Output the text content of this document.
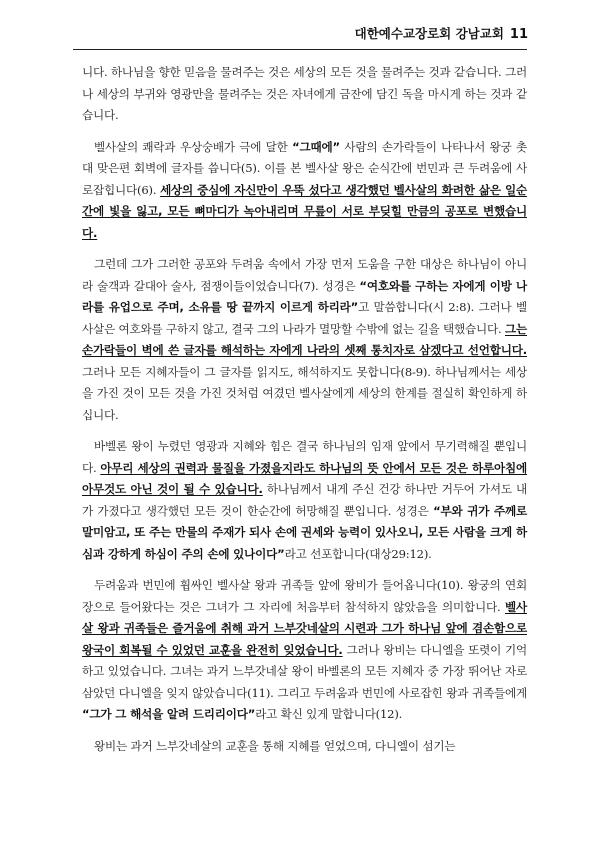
대한예수교장로회 강남교회 11

니다. 하나님을 향한 믿음을 물려주는 것은 세상의 모든 것을 물려주는 것과 같습니다. 그러나 세상의 부귀와 영광만을 물려주는 것은 자녀에게 금잔에 담긴 독을 마시게 하는 것과 같습니다.

벨사살의 쾌락과 우상숭배가 극에 달한 “그때에” 사람의 손가락들이 나타나서 왕궁 촛대 맞은편 회벽에 글자를 씁니다(5). 이를 본 벨사살 왕은 순식간에 번민과 큰 두려움에 사로잡힙니다(6). 세상의 중심에 자신만이 우뚝 섰다고 생각했던 벨사살의 화려한 삶은 일순간에 빛을 잃고, 모든 뼈마디가 녹아내리며 무릎이 서로 부딪힐 만큼의 공포로 변했습니다.

그런데 그가 그러한 공포와 두려움 속에서 가장 먼저 도움을 구한 대상은 하나님이 아니라 술객과 갈대아 술사, 점쟁이들이었습니다(7). 성경은 “여호와를 구하는 자에게 이방 나라를 유업으로 주며, 소유를 땅 끝까지 이르게 하리라”고 말씀합니다(시 2:8). 그러나 벨사살은 여호와를 구하지 않고, 결국 그의 나라가 멸망할 수밖에 없는 길을 택했습니다. 그는 손가락들이 벽에 쓴 글자를 해석하는 자에게 나라의 셋째 통치자로 삼겠다고 선언합니다. 그러나 모든 지혜자들이 그 글자를 읽지도, 해석하지도 못합니다(8-9). 하나님께서는 세상을 가진 것이 모든 것을 가진 것처럼 여겼던 벨사살에게 세상의 한계를 절실히 확인하게 하십니다.

바벨론 왕이 누렸던 영광과 지혜와 힘은 결국 하나님의 임재 앞에서 무기력해질 뿐입니다. 아무리 세상의 권력과 물질을 가졌을지라도 하나님의 뜻 안에서 모든 것은 하루아침에 아무것도 아닌 것이 될 수 있습니다. 하나님께서 내게 주신 건강 하나만 거두어 가셔도 내가 가졌다고 생각했던 모든 것이 한순간에 허망해질 뿐입니다. 성경은 “부와 귀가 주께로 말미암고, 또 주는 만물의 주재가 되사 손에 권세와 능력이 있사오니, 모든 사람을 크게 하심과 강하게 하심이 주의 손에 있나이다”라고 선포합니다(대상29:12).

두려움과 번민에 휩싸인 벨사살 왕과 귀족들 앞에 왕비가 들어옵니다(10). 왕궁의 연회장으로 들어왔다는 것은 그녀가 그 자리에 처음부터 참석하지 않았음을 의미합니다. 벨사살 왕과 귀족들은 즐거움에 취해 과거 느부갓네살의 시련과 그가 하나님 앞에 겸손함으로 왕국이 회복될 수 있었던 교훈을 완전히 잊었습니다. 그러나 왕비는 다니엘을 또렷이 기억하고 있었습니다. 그녀는 과거 느부갓네살 왕이 바벨론의 모든 지혜자 중 가장 뛰어난 자로 삼았던 다니엘을 잊지 않았습니다(11). 그리고 두려움과 번민에 사로잡힌 왕과 귀족들에게 “그가 그 해석을 알려 드리리이다”라고 확신 있게 말합니다(12).

왕비는 과거 느부갓네살의 교훈을 통해 지혜를 얻었으며, 다니엘이 섬기는
